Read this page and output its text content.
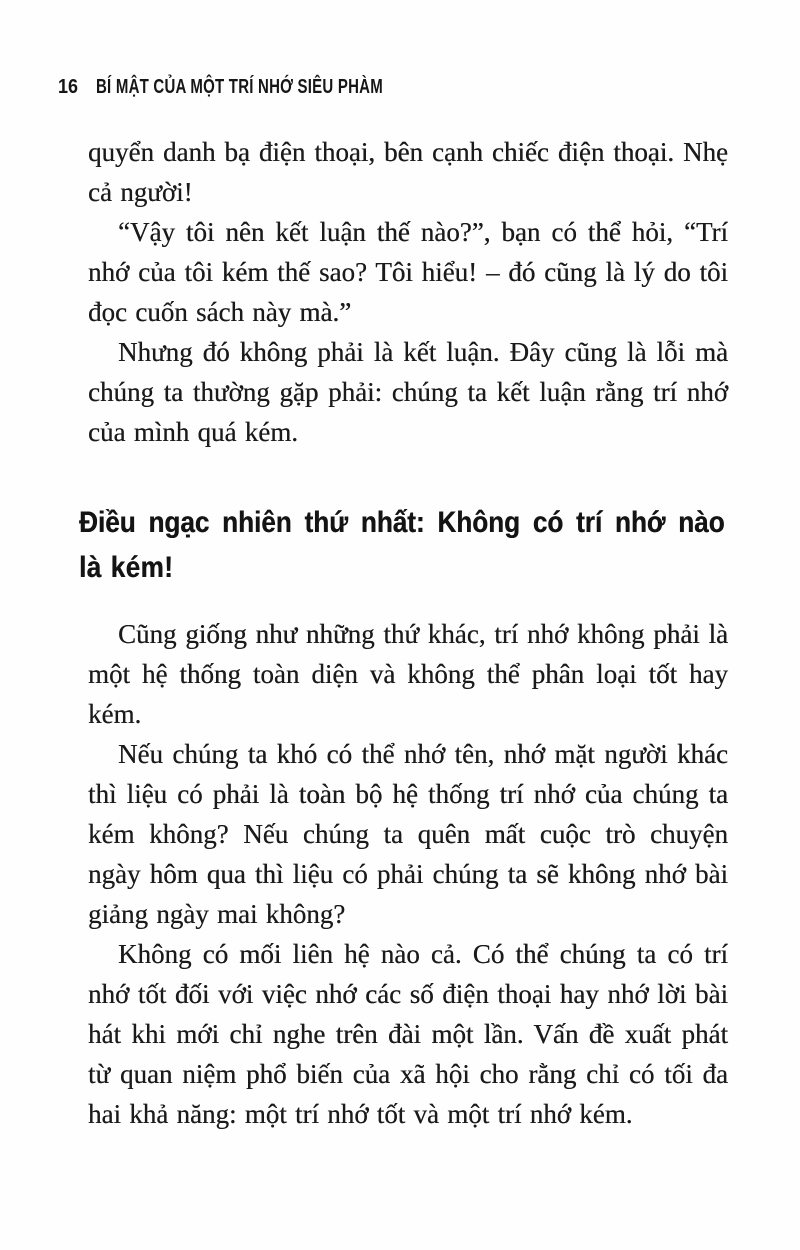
16 BÍ MẬT CỦA MỘT TRÍ NHỚ SIÊU PHÀM

quyển danh bạ điện thoại, bên cạnh chiếc điện thoại. Nhẹ cả người!

“Vậy tôi nên kết luận thế nào?”, bạn có thể hỏi, “Trí nhớ của tôi kém thế sao? Tôi hiểu! – đó cũng là lý do tôi đọc cuốn sách này mà.”

Nhưng đó không phải là kết luận. Đây cũng là lỗi mà chúng ta thường gặp phải: chúng ta kết luận rằng trí nhớ của mình quá kém.

Điều ngạc nhiên thứ nhất: Không có trí nhớ nào
là kém!

Cũng giống như những thứ khác, trí nhớ không phải là một hệ thống toàn diện và không thể phân loại tốt hay kém.

Nếu chúng ta khó có thể nhớ tên, nhớ mặt người khác thì liệu có phải là toàn bộ hệ thống trí nhớ của chúng ta kém không? Nếu chúng ta quên mất cuộc trò chuyện ngày hôm qua thì liệu có phải chúng ta sẽ không nhớ bài giảng ngày mai không?

Không có mối liên hệ nào cả. Có thể chúng ta có trí nhớ tốt đối với việc nhớ các số điện thoại hay nhớ lời bài hát khi mới chỉ nghe trên đài một lần. Vấn đề xuất phát từ quan niệm phổ biến của xã hội cho rằng chỉ có tối đa hai khả năng: một trí nhớ tốt và một trí nhớ kém.
